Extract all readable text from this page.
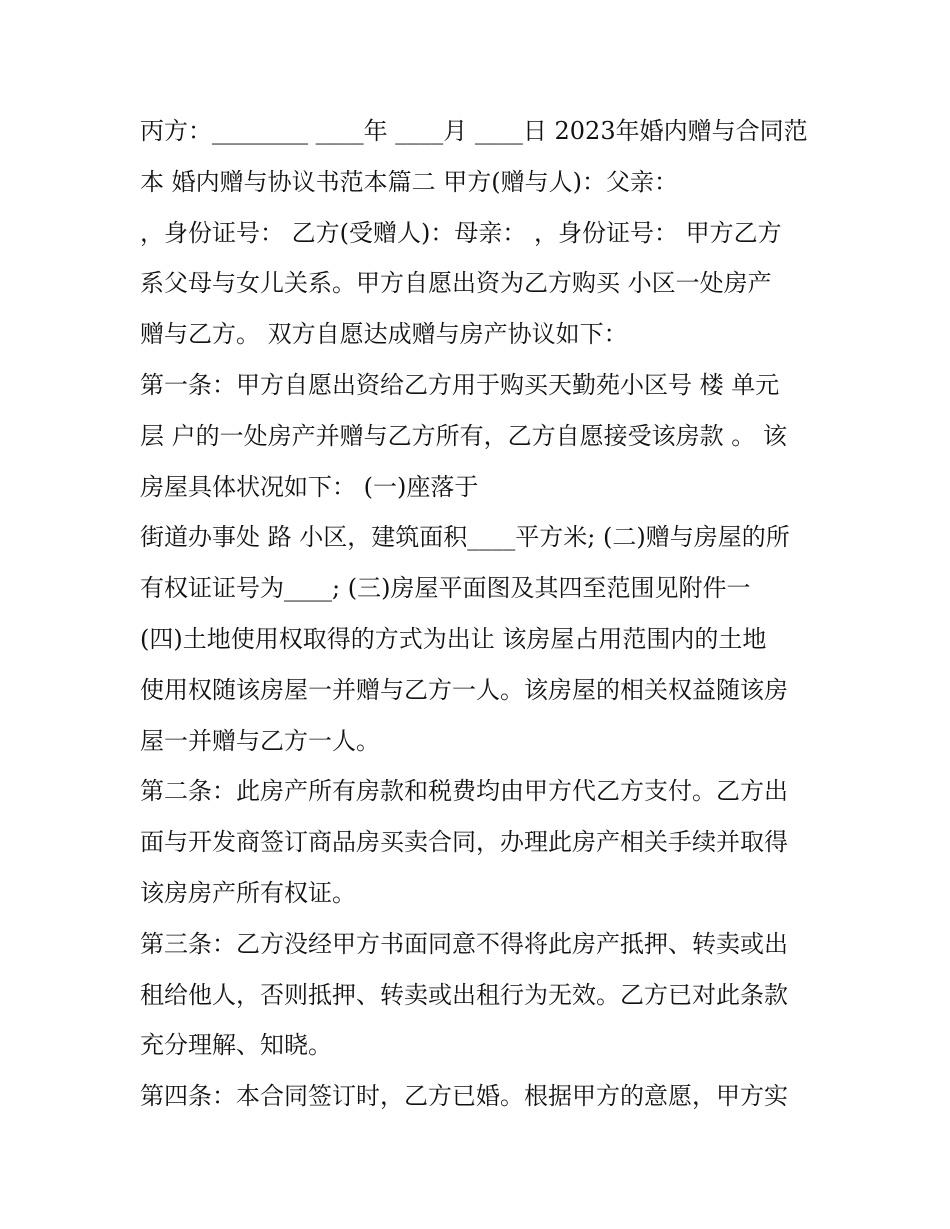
丙方：________ ____年 ____月 ____日 2023年婚内赠与合同范
本 婚内赠与协议书范本篇二 甲方(赠与人)：父亲：
，身份证号： 乙方(受赠人)：母亲： ，身份证号： 甲方乙方
系父母与女儿关系。甲方自愿出资为乙方购买 小区一处房产
赠与乙方。 双方自愿达成赠与房产协议如下：
第一条：甲方自愿出资给乙方用于购买天勤苑小区号 楼 单元
层 户的一处房产并赠与乙方所有，乙方自愿接受该房款 。 该
房屋具体状况如下： (一)座落于
街道办事处 路 小区，建筑面积____平方米; (二)赠与房屋的所
有权证证号为____; (三)房屋平面图及其四至范围见附件一
(四)土地使用权取得的方式为出让 该房屋占用范围内的土地
使用权随该房屋一并赠与乙方一人。该房屋的相关权益随该房
屋一并赠与乙方一人。
第二条：此房产所有房款和税费均由甲方代乙方支付。乙方出
面与开发商签订商品房买卖合同，办理此房产相关手续并取得
该房房产所有权证。
第三条：乙方没经甲方书面同意不得将此房产抵押、转卖或出
租给他人，否则抵押、转卖或出租行为无效。乙方已对此条款
充分理解、知晓。
第四条：本合同签订时，乙方已婚。根据甲方的意愿，甲方实
